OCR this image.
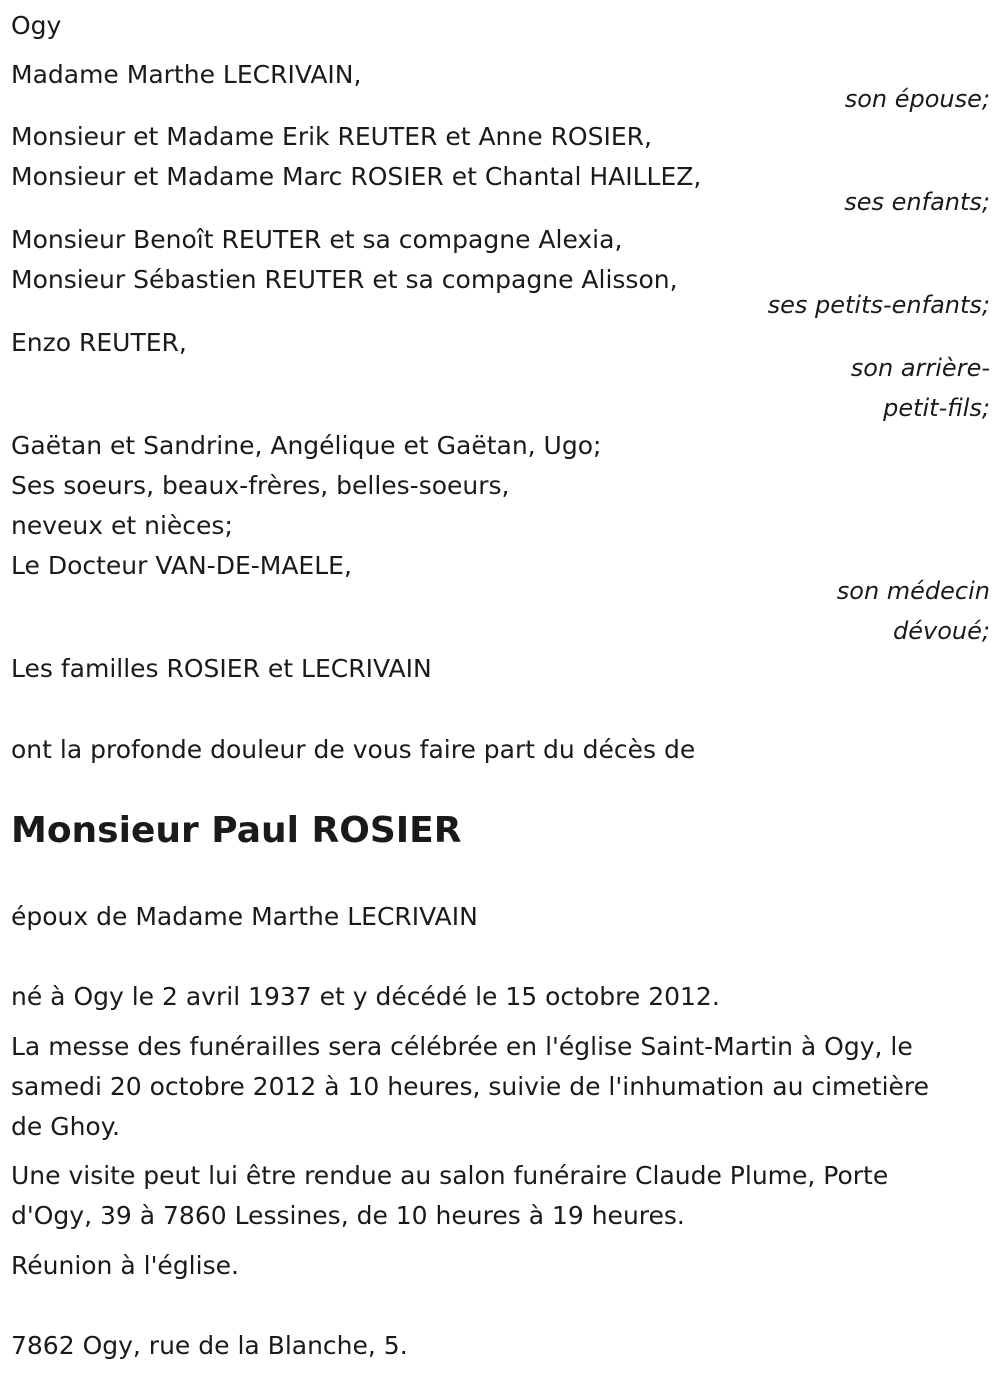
Ogy
Madame Marthe LECRIVAIN,
son épouse;
Monsieur et Madame Erik REUTER et Anne ROSIER,
Monsieur et Madame Marc ROSIER et Chantal HAILLEZ,
ses enfants;
Monsieur Benoît REUTER et sa compagne Alexia,
Monsieur Sébastien REUTER et sa compagne Alisson,
ses petits-enfants;
Enzo REUTER,
son arrière-
petit-fils;
Gaëtan et Sandrine, Angélique et Gaëtan, Ugo;
Ses soeurs, beaux-frères, belles-soeurs,
neveux et nièces;
Le Docteur VAN-DE-MAELE,
son médecin
dévoué;
Les familles ROSIER et LECRIVAIN
ont la profonde douleur de vous faire part du décès de
Monsieur Paul ROSIER
époux de Madame Marthe LECRIVAIN
né à Ogy le 2 avril 1937 et y décédé le 15 octobre 2012.
La messe des funérailles sera célébrée en l'église Saint-Martin à Ogy, le
samedi 20 octobre 2012 à 10 heures, suivie de l'inhumation au cimetière
de Ghoy.
Une visite peut lui être rendue au salon funéraire Claude Plume, Porte
d'Ogy, 39 à 7860 Lessines, de 10 heures à 19 heures.
Réunion à l'église.
7862 Ogy, rue de la Blanche, 5.
